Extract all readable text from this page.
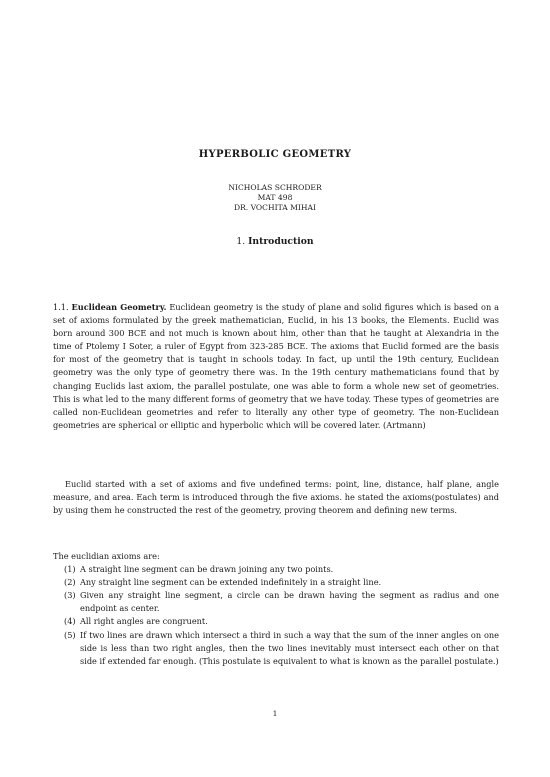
HYPERBOLIC GEOMETRY
NICHOLAS SCHRODER
MAT 498
DR. VOCHITA MIHAI
1. Introduction
1.1. Euclidean Geometry. Euclidean geometry is the study of plane and solid figures which is based on a set of axioms formulated by the greek mathematician, Euclid, in his 13 books, the Elements. Euclid was born around 300 BCE and not much is known about him, other than that he taught at Alexandria in the time of Ptolemy I Soter, a ruler of Egypt from 323-285 BCE. The axioms that Euclid formed are the basis for most of the geometry that is taught in schools today. In fact, up until the 19th century, Euclidean geometry was the only type of geometry there was. In the 19th century mathematicians found that by changing Euclids last axiom, the parallel postulate, one was able to form a whole new set of geometries. This is what led to the many different forms of geometry that we have today. These types of geometries are called non-Euclidean geometries and refer to literally any other type of geometry. The non-Euclidean geometries are spherical or elliptic and hyperbolic which will be covered later. (Artmann)
Euclid started with a set of axioms and five undefined terms: point, line, distance, half plane, angle measure, and area. Each term is introduced through the five axioms. he stated the axioms(postulates) and by using them he constructed the rest of the geometry, proving theorem and defining new terms.
The euclidian axioms are:
(1) A straight line segment can be drawn joining any two points.
(2) Any straight line segment can be extended indefinitely in a straight line.
(3) Given any straight line segment, a circle can be drawn having the segment as radius and one endpoint as center.
(4) All right angles are congruent.
(5) If two lines are drawn which intersect a third in such a way that the sum of the inner angles on one side is less than two right angles, then the two lines inevitably must intersect each other on that side if extended far enough. (This postulate is equivalent to what is known as the parallel postulate.)
1
